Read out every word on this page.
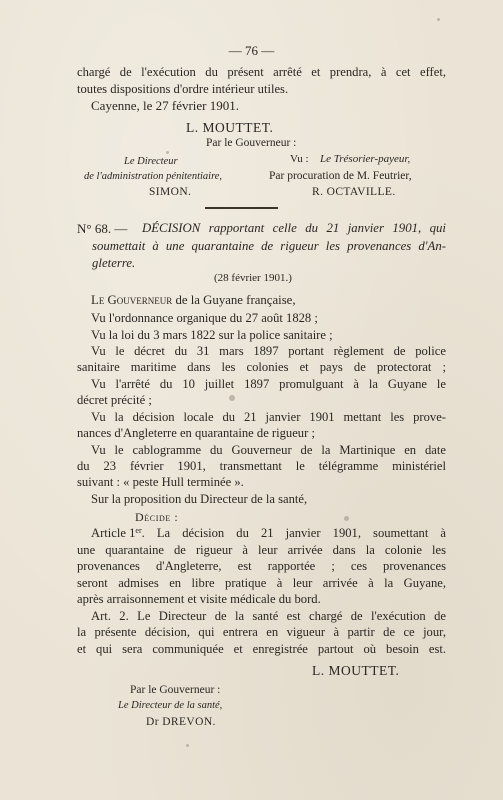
— 76 —
chargé de l'exécution du présent arrêté et prendra, à cet effet,
toutes dispositions d'ordre intérieur utiles.
Cayenne, le 27 février 1901.
L. MOUTTET.
Par le Gouverneur :
Le Directeur
de l'administration pénitentiaire,
SIMON.
Vu : Le Trésorier-payeur,
Par procuration de M. Feutrier,
R. OCTAVILLE.
N° 68. — DÉCISION rapportant celle du 21 janvier 1901, qui
soumettait à une quarantaine de rigueur les provenances d'An-
gleterre.
(28 février 1901.)
Le Gouverneur de la Guyane française,
Vu l'ordonnance organique du 27 août 1828 ;
Vu la loi du 3 mars 1822 sur la police sanitaire ;
Vu le décret du 31 mars 1897 portant règlement de police
sanitaire maritime dans les colonies et pays de protectorat ;
Vu l'arrêté du 10 juillet 1897 promulguant à la Guyane le
décret précité ;
Vu la décision locale du 21 janvier 1901 mettant les prove-
nances d'Angleterre en quarantaine de rigueur ;
Vu le cablogramme du Gouverneur de la Martinique en date
du 23 février 1901, transmettant le télégramme ministériel
suivant : « peste Hull terminée ».
Sur la proposition du Directeur de la santé,
Décide :
Article 1 er . La décision du 21 janvier 1901, soumettant à
une quarantaine de rigueur à leur arrivée dans la colonie les
provenances d'Angleterre, est rapportée ; ces provenances
seront admises en libre pratique à leur arrivée à la Guyane,
après arraisonnement et visite médicale du bord.
Art. 2. Le Directeur de la santé est chargé de l'exécution de
la présente décision, qui entrera en vigueur à partir de ce jour,
et qui sera communiquée et enregistrée partout où besoin est.
L. MOUTTET.
Par le Gouverneur :
Le Directeur de la santé,
Dr DREVON.
